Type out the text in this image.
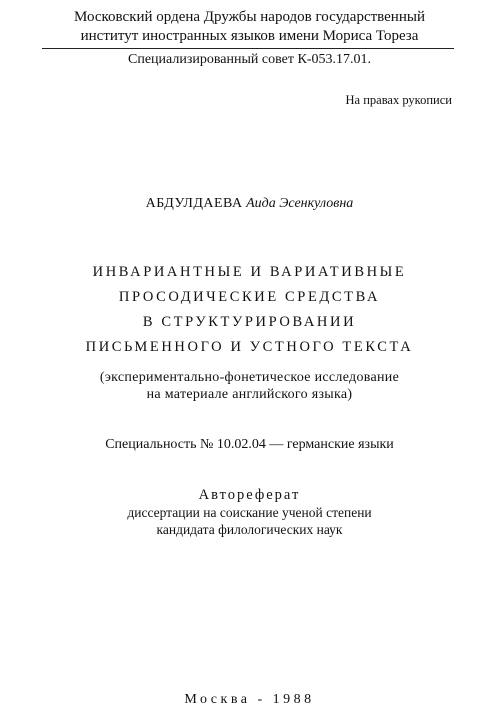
Московский ордена Дружбы народов государственный
институт иностранных языков имени Мориса Тореза
Специализированный совет К-053.17.01.
На правах рукописи
АБДУЛДАЕВА Аида Эсенкуловна
ИНВАРИАНТНЫЕ И ВАРИАТИВНЫЕ
ПРОСОДИЧЕСКИЕ СРЕДСТВА
В СТРУКТУРИРОВАНИИ
ПИСЬМЕННОГО И УСТНОГО ТЕКСТА
(экспериментально-фонетическое исследование
на материале английского языка)
Специальность № 10.02.04 — германские языки
Автореферат
диссертации на соискание ученой степени
кандидата филологических наук
Москва - 1988
